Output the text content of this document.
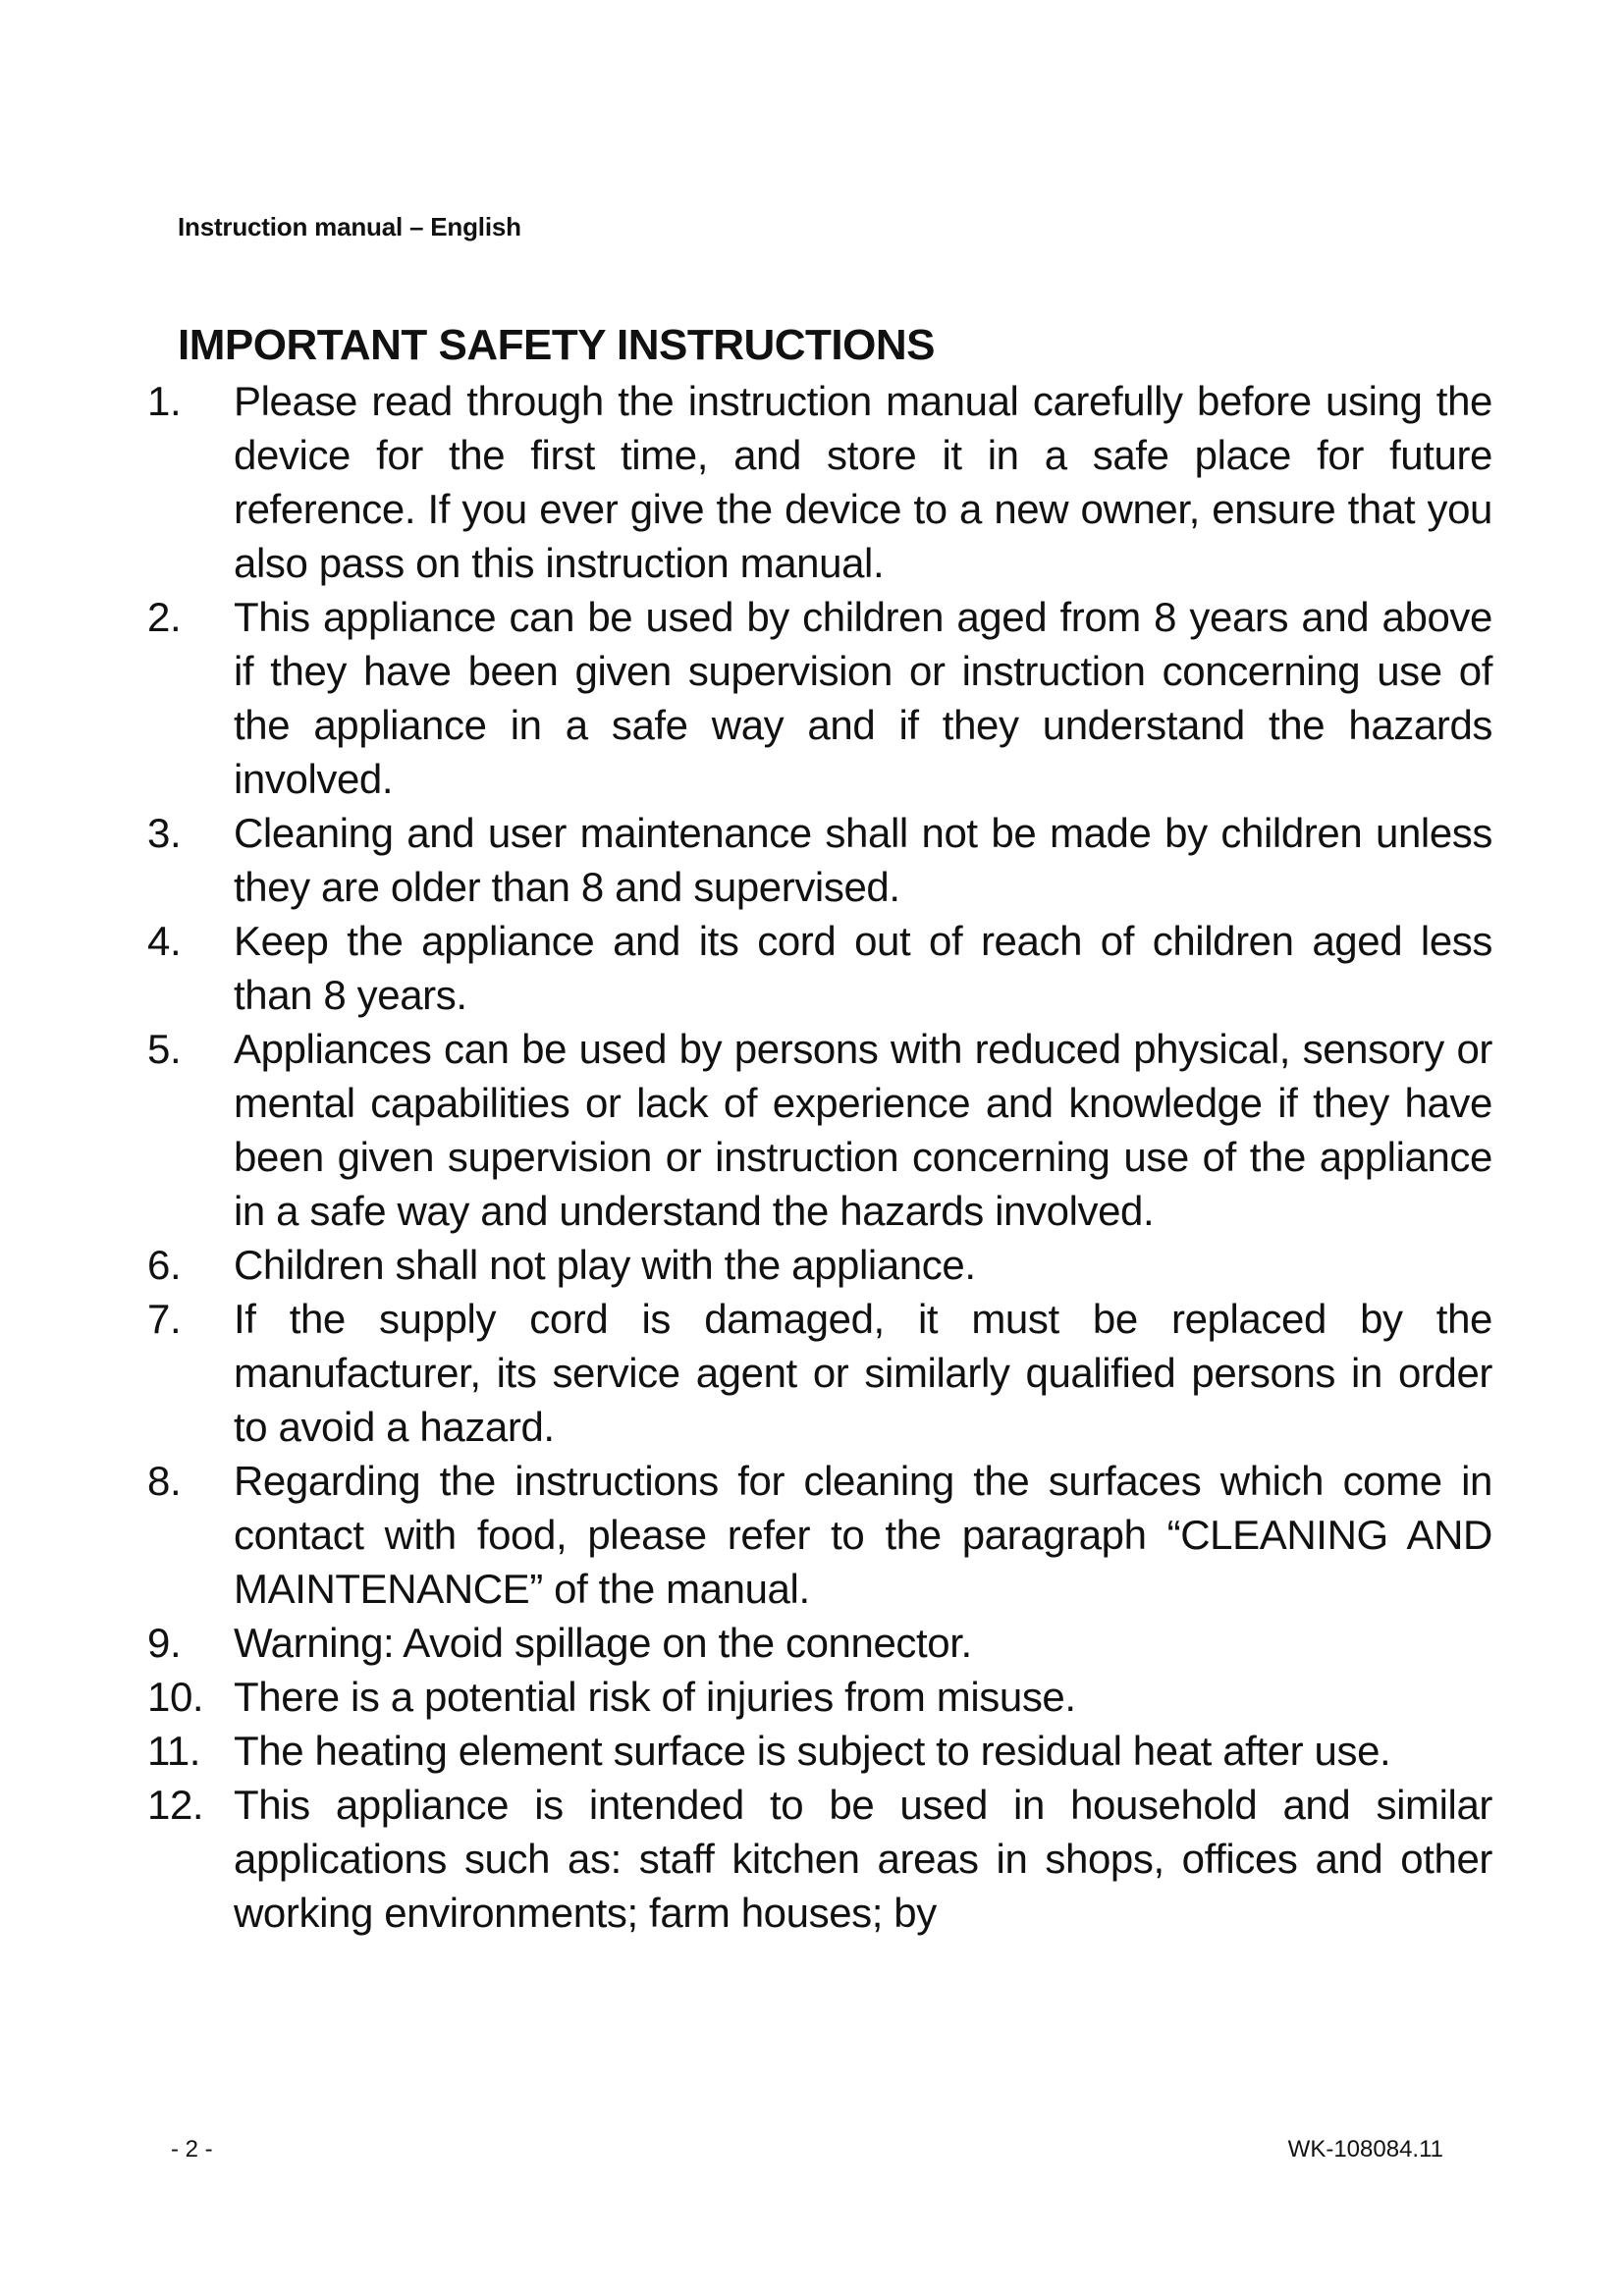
Instruction manual – English
IMPORTANT SAFETY INSTRUCTIONS
1.	Please read through the instruction manual carefully before using the device for the first time, and store it in a safe place for future reference. If you ever give the device to a new owner, ensure that you also pass on this instruction manual.
2.	This appliance can be used by children aged from 8 years and above if they have been given supervision or instruction concerning use of the appliance in a safe way and if they understand the hazards involved.
3.	Cleaning and user maintenance shall not be made by children unless they are older than 8 and supervised.
4.	Keep the appliance and its cord out of reach of children aged less than 8 years.
5.	Appliances can be used by persons with reduced physical, sensory or mental capabilities or lack of experience and knowledge if they have been given supervision or instruction concerning use of the appliance in a safe way and understand the hazards involved.
6.	Children shall not play with the appliance.
7.	If the supply cord is damaged, it must be replaced by the manufacturer, its service agent or similarly qualified persons in order to avoid a hazard.
8.	Regarding the instructions for cleaning the surfaces which come in contact with food, please refer to the paragraph “CLEANING AND MAINTENANCE” of the manual.
9.	Warning: Avoid spillage on the connector.
10. There is a potential risk of injuries from misuse.
11. The heating element surface is subject to residual heat after use.
12. This appliance is intended to be used in household and similar applications such as: staff kitchen areas in shops, offices and other working environments; farm houses; by
- 2 -	WK-108084.11
